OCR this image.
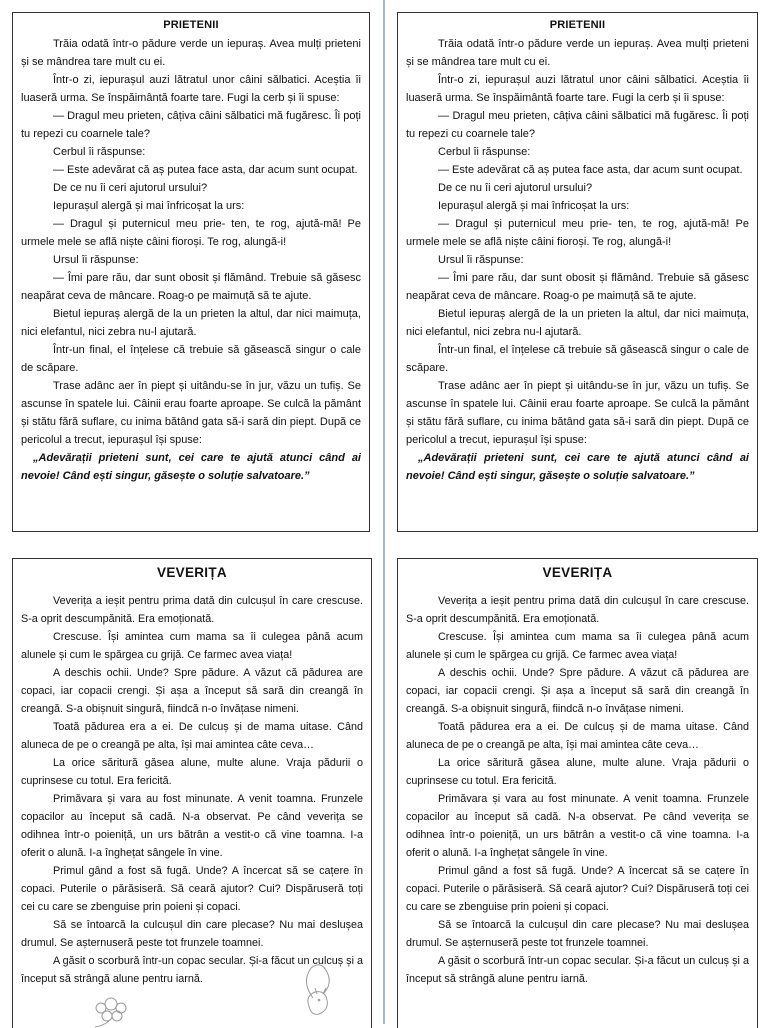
PRIETENII

Trăia odată într-o pădure verde un iepuraș. Avea mulți prieteni și se mândrea tare mult cu ei.

Într-o zi, iepurașul auzi lătratul unor câini sălbatici. Aceștia îi luaseră urma. Se înspăimântă foarte tare. Fugi la cerb și îi spuse:

— Dragul meu prieten, câțiva câini sălbatici mă fugăresc. Îi poți tu repezi cu coarnele tale?

Cerbul îi răspunse:

— Este adevărat că aș putea face asta, dar acum sunt ocupat.

De ce nu îi ceri ajutorul ursului?

Iepurașul alergă și mai înfricoșat la urs:

— Dragul și puternicul meu prie- ten, te rog, ajută-mă! Pe urmele mele se află niște câini fioroși. Te rog, alungă-i!

Ursul îi răspunse:

— Îmi pare rău, dar sunt obosit și flămând. Trebuie să găsesc neapărat ceva de mâncare. Roag-o pe maimuță să te ajute.

Bietul iepuraș alergă de la un prieten la altul, dar nici maimuța, nici elefantul, nici zebra nu-l ajutară.

Într-un final, el înțelese că trebuie să găsească singur o cale de scăpare.

Trase adânc aer în piept și uitându-se în jur, văzu un tufiș. Se ascunse în spatele lui. Câinii erau foarte aproape. Se culcă la pământ și stătu fără suflare, cu inima bătând gata să-i sară din piept. După ce pericolul a trecut, iepurașul își spuse:

„Adevărații prieteni sunt, cei care te ajută atunci când ai nevoie! Când ești singur, găsește o soluție salvatoare.”

PRIETENII

Trăia odată într-o pădure verde un iepuraș. Avea mulți prieteni și se mândrea tare mult cu ei.

Într-o zi, iepurașul auzi lătratul unor câini sălbatici. Aceștia îi luaseră urma. Se înspăimântă foarte tare. Fugi la cerb și îi spuse:

— Dragul meu prieten, câțiva câini sălbatici mă fugăresc. Îi poți tu repezi cu coarnele tale?

Cerbul îi răspunse:

— Este adevărat că aș putea face asta, dar acum sunt ocupat.

De ce nu îi ceri ajutorul ursului?

Iepurașul alergă și mai înfricoșat la urs:

— Dragul și puternicul meu prie- ten, te rog, ajută-mă! Pe urmele mele se află niște câini fioroși. Te rog, alungă-i!

Ursul îi răspunse:

— Îmi pare rău, dar sunt obosit și flămând. Trebuie să găsesc neapărat ceva de mâncare. Roag-o pe maimuță să te ajute.

Bietul iepuraș alergă de la un prieten la altul, dar nici maimuța, nici elefantul, nici zebra nu-l ajutară.

Într-un final, el înțelese că trebuie să găsească singur o cale de scăpare.

Trase adânc aer în piept și uitându-se în jur, văzu un tufiș. Se ascunse în spatele lui. Câinii erau foarte aproape. Se culcă la pământ și stătu fără suflare, cu inima bătând gata să-i sară din piept. După ce pericolul a trecut, iepurașul își spuse:

„Adevărații prieteni sunt, cei care te ajută atunci când ai nevoie! Când ești singur, găsește o soluție salvatoare.”

VEVERIȚA

Veverița a ieșit pentru prima dată din culcușul în care crescuse. S-a oprit descumpănită. Era emoționată.

Crescuse. Își amintea cum mama sa îi culegea până acum alunele și cum le spărgea cu grijă. Ce farmec avea viața!

A deschis ochii. Unde? Spre pădure. A văzut că pădurea are copaci, iar copacii crengi. Și așa a început să sară din creangă în creangă. S-a obișnuit singură, fiindcă n-o învățase nimeni.

Toată pădurea era a ei. De culcuș și de mama uitase. Când aluneca de pe o creangă pe alta, își mai amintea câte ceva…

La orice săritură găsea alune, multe alune. Vraja pădurii o cuprinsese cu totul. Era fericită.

Primăvara și vara au fost minunate. A venit toamna. Frunzele copacilor au început să cadă. N-a observat. Pe când veverița se odihnea într-o poieniță, un urs bătrân a vestit-o că vine toamna. I-a oferit o alună. I-a înghețat sângele în vine.

Primul gând a fost să fugă. Unde? A încercat să se cațere în copaci. Puterile o părăsiseră. Să ceară ajutor? Cui? Dispăruseră toți cei cu care se zbenguise prin poieni și copaci.

Să se întoarcă la culcușul din care plecase? Nu mai deslușea drumul. Se așternuseră peste tot frunzele toamnei.

A găsit o scorbură într-un copac secular. Și-a făcut un culcuș și a început să strângă alune pentru iarnă.

VEVERIȚA

Veverița a ieșit pentru prima dată din culcușul în care crescuse. S-a oprit descumpănită. Era emoționată.

Crescuse. Își amintea cum mama sa îi culegea până acum alunele și cum le spărgea cu grijă. Ce farmec avea viața!

A deschis ochii. Unde? Spre pădure. A văzut că pădurea are copaci, iar copacii crengi. Și așa a început să sară din creangă în creangă. S-a obișnuit singură, fiindcă n-o învățase nimeni.

Toată pădurea era a ei. De culcuș și de mama uitase. Când aluneca de pe o creangă pe alta, își mai amintea câte ceva…

La orice săritură găsea alune, multe alune. Vraja pădurii o cuprinsese cu totul. Era fericită.

Primăvara și vara au fost minunate. A venit toamna. Frunzele copacilor au început să cadă. N-a observat. Pe când veverița se odihnea într-o poieniță, un urs bătrân a vestit-o că vine toamna. I-a oferit o alună. I-a înghețat sângele în vine.

Primul gând a fost să fugă. Unde? A încercat să se cațere în copaci. Puterile o părăsiseră. Să ceară ajutor? Cui? Dispăruseră toți cei cu care se zbenguise prin poieni și copaci.

Să se întoarcă la culcușul din care plecase? Nu mai deslușea drumul. Se așternuseră peste tot frunzele toamnei.

A găsit o scorbură într-un copac secular. Și-a făcut un culcuș și a început să strângă alune pentru iarnă.
